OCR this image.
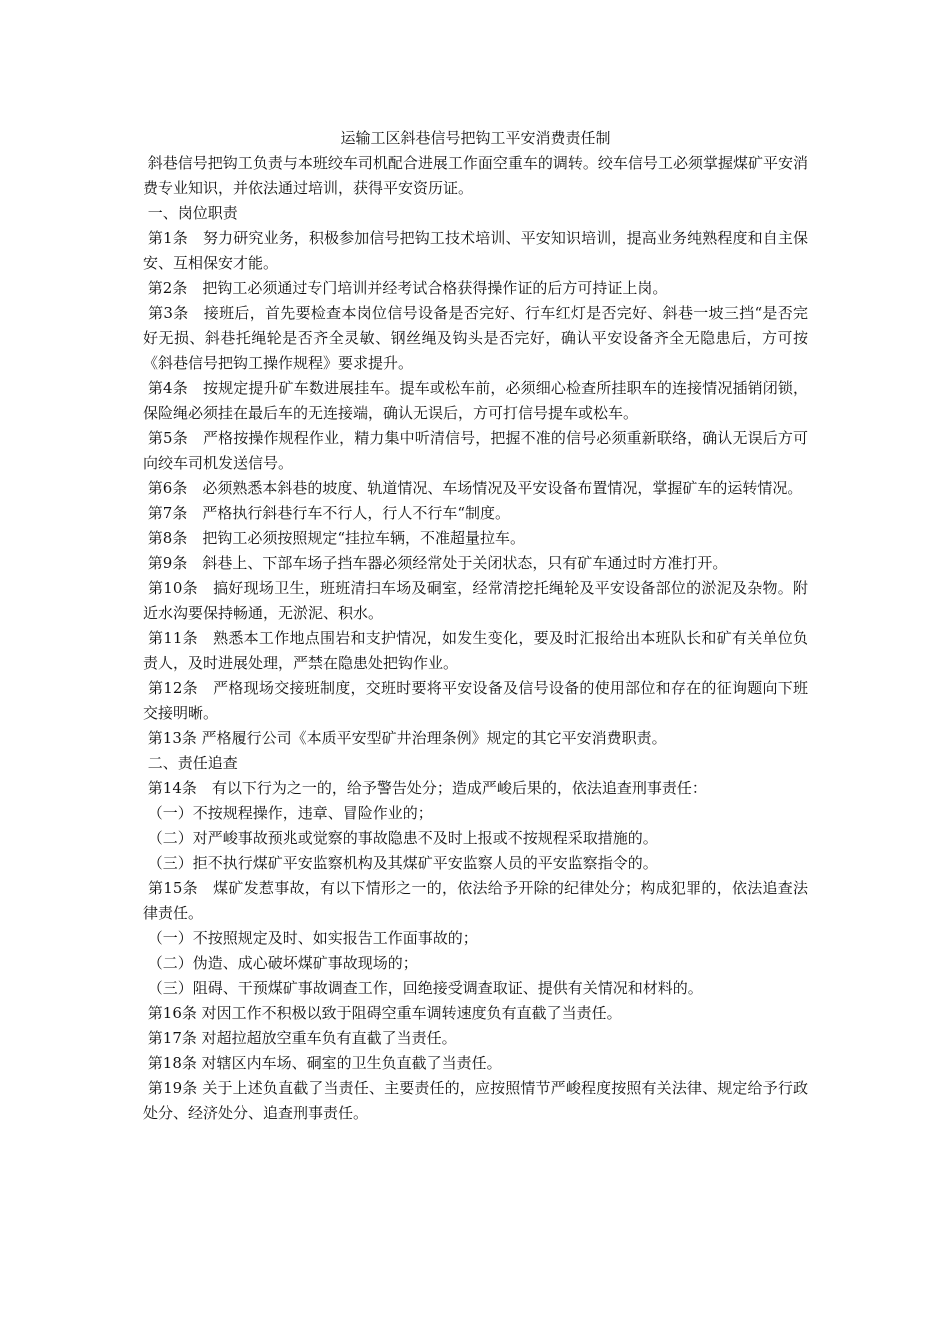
运输工区斜巷信号把钩工平安消费责任制

斜巷信号把钩工负责与本班绞车司机配合进展工作面空重车的调转。绞车信号工必须掌握煤矿平安消费专业知识，并依法通过培训，获得平安资历证。

一、岗位职责

第1条　努力研究业务，积极参加信号把钩工技术培训、平安知识培训，提高业务纯熟程度和自主保安、互相保安才能。

第2条　把钩工必须通过专门培训并经考试合格获得操作证的后方可持证上岗。

第3条　接班后，首先要检查本岗位信号设备是否完好、行车红灯是否完好、斜巷一坡三挡“是否完好无损、斜巷托绳轮是否齐全灵敏、钢丝绳及钩头是否完好，确认平安设备齐全无隐患后，方可按《斜巷信号把钩工操作规程》要求提升。

第4条　按规定提升矿车数进展挂车。提车或松车前，必须细心检查所挂职车的连接情况插销闭锁，保险绳必须挂在最后车的无连接端，确认无误后，方可打信号提车或松车。

第5条　严格按操作规程作业，精力集中听清信号，把握不准的信号必须重新联络，确认无误后方可向绞车司机发送信号。

第6条　必须熟悉本斜巷的坡度、轨道情况、车场情况及平安设备布置情况，掌握矿车的运转情况。

第7条　严格执行斜巷行车不行人，行人不行车“制度。

第8条　把钩工必须按照规定“挂拉车辆，不准超量拉车。

第9条　斜巷上、下部车场子挡车器必须经常处于关闭状态，只有矿车通过时方准打开。

第10条　搞好现场卫生，班班清扫车场及硐室，经常清挖托绳轮及平安设备部位的淤泥及杂物。附近水沟要保持畅通，无淤泥、积水。

第11条　熟悉本工作地点围岩和支护情况，如发生变化，要及时汇报给出本班队长和矿有关单位负责人，及时进展处理，严禁在隐患处把钩作业。

第12条　严格现场交接班制度，交班时要将平安设备及信号设备的使用部位和存在的征询题向下班交接明晰。

第13条 严格履行公司《本质平安型矿井治理条例》规定的其它平安消费职责。

二、责任追查

第14条　有以下行为之一的，给予警告处分；造成严峻后果的，依法追查刑事责任：

（一）不按规程操作，违章、冒险作业的；

（二）对严峻事故预兆或觉察的事故隐患不及时上报或不按规程采取措施的。

（三）拒不执行煤矿平安监察机构及其煤矿平安监察人员的平安监察指令的。

第15条　煤矿发惹事故，有以下情形之一的，依法给予开除的纪律处分；构成犯罪的，依法追查法律责任。

（一）不按照规定及时、如实报告工作面事故的；

（二）伪造、成心破坏煤矿事故现场的；

（三）阻碍、干预煤矿事故调查工作，回绝接受调查取证、提供有关情况和材料的。

第16条 对因工作不积极以致于阻碍空重车调转速度负有直截了当责任。

第17条 对超拉超放空重车负有直截了当责任。

第18条 对辖区内车场、硐室的卫生负直截了当责任。

第19条 关于上述负直截了当责任、主要责任的，应按照情节严峻程度按照有关法律、规定给予行政处分、经济处分、追查刑事责任。
